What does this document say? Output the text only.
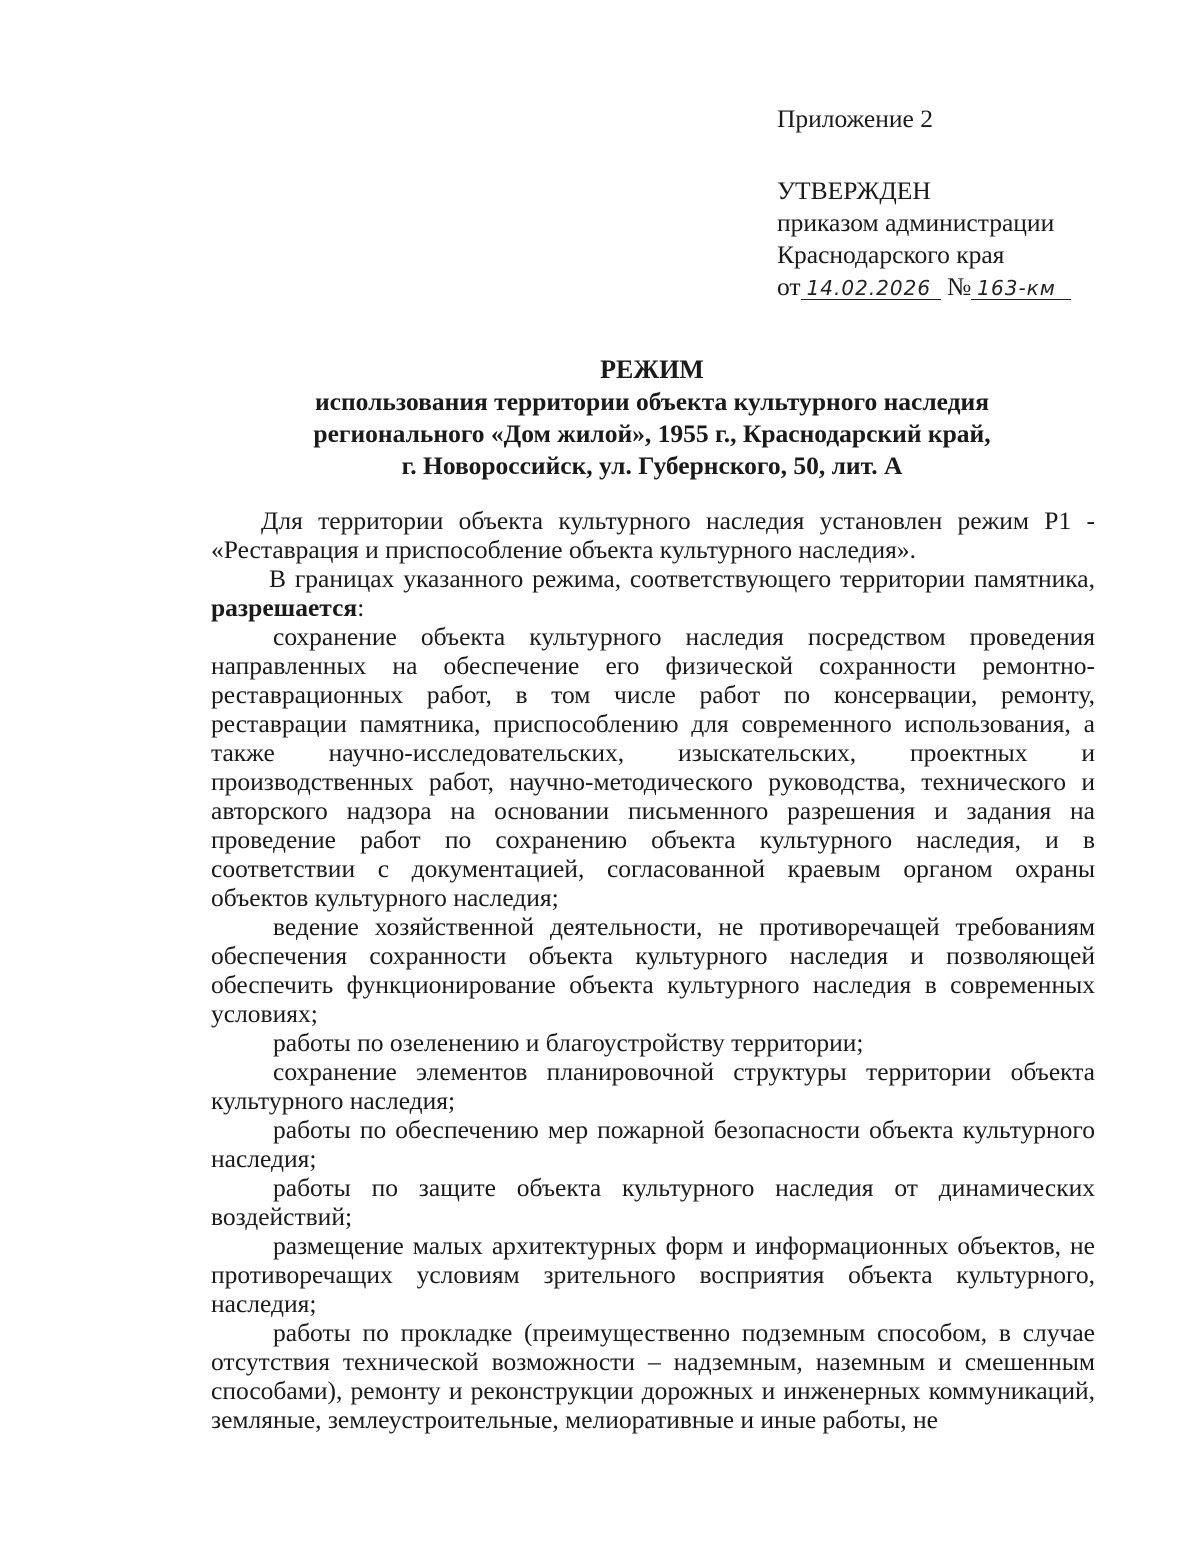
Приложение 2
УТВЕРЖДЕН
приказом администрации
Краснодарского края
от 14.02.2026 № 163-км
РЕЖИМ
использования территории объекта культурного наследия
регионального «Дом жилой», 1955 г., Краснодарский край,
г. Новороссийск, ул. Губернского, 50, лит. А

Для территории объекта культурного наследия установлен режим Р1 - «Реставрация и приспособление объекта культурного наследия».

В границах указанного режима, соответствующего территории памятника, разрешается:

сохранение объекта культурного наследия посредством проведения направленных на обеспечение его физической сохранности ремонтно-реставрационных работ, в том числе работ по консервации, ремонту, реставрации памятника, приспособлению для современного использования, а также научно-исследовательских, изыскательских, проектных и производственных работ, научно-методического руководства, технического и авторского надзора на основании письменного разрешения и задания на проведение работ по сохранению объекта культурного наследия, и в соответствии с документацией, согласованной краевым органом охраны объектов культурного наследия;

ведение хозяйственной деятельности, не противоречащей требованиям обеспечения сохранности объекта культурного наследия и позволяющей обеспечить функционирование объекта культурного наследия в современных условиях;

работы по озеленению и благоустройству территории;

сохранение элементов планировочной структуры территории объекта культурного наследия;

работы по обеспечению мер пожарной безопасности объекта культурного наследия;

работы по защите объекта культурного наследия от динамических воздействий;

размещение малых архитектурных форм и информационных объектов, не противоречащих условиям зрительного восприятия объекта культурного, наследия;

работы по прокладке (преимущественно подземным способом, в случае отсутствия технической возможности – надземным, наземным и смешенным способами), ремонту и реконструкции дорожных и инженерных коммуникаций, земляные, землеустроительные, мелиоративные и иные работы, не
